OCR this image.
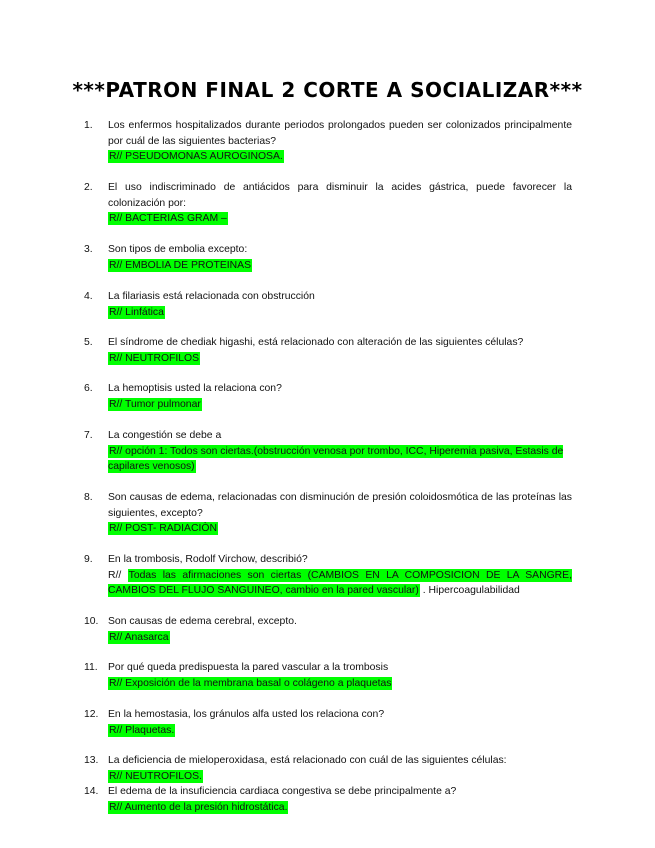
***PATRON FINAL 2 CORTE A SOCIALIZAR***
1.	Los enfermos hospitalizados durante periodos prolongados pueden ser colonizados principalmente por cuál de las siguientes bacterias?
R// PSEUDOMONAS AUROGINOSA.
2.	El uso indiscriminado de antiácidos para disminuir la acides gástrica, puede favorecer la colonización por:
R// BACTERIAS GRAM –
3.	Son tipos de embolia excepto:
R// EMBOLIA DE PROTEINAS
4.	La filariasis está relacionada con obstrucción
R// Linfática
5.	El síndrome de chediak higashi, está relacionado con alteración de las siguientes células?
R// NEUTROFILOS
6.	La hemoptisis usted la relaciona con?
R// Tumor pulmonar
7.	La congestión se debe a
R// opción 1: Todos son ciertas.(obstrucción venosa por trombo, ICC, Hiperemia pasiva, Estasis de capilares venosos)
8.	Son causas de edema, relacionadas con disminución de presión coloidosmótica de las proteínas las siguientes, excepto?
R// POST- RADIACIÒN
9.	En la trombosis, Rodolf Virchow, describió?
R// Todas las afirmaciones son ciertas (CAMBIOS EN LA COMPOSICION DE LA SANGRE, CAMBIOS DEL FLUJO SANGUINEO, cambio en la pared vascular) . Hipercoagulabilidad
10. Son causas de edema cerebral, excepto.
R// Anasarca
11. Por qué queda predispuesta la pared vascular a la trombosis
R// Exposición de la membrana basal o colágeno a plaquetas
12. En la hemostasia, los gránulos alfa usted los relaciona con?
R// Plaquetas.
13. La deficiencia de mieloperoxidasa, está relacionado con cuál de las siguientes células:
R// NEUTROFILOS.
14. El edema de la insuficiencia cardiaca congestiva se debe principalmente a?
R// Aumento de la presión hidrostática.
